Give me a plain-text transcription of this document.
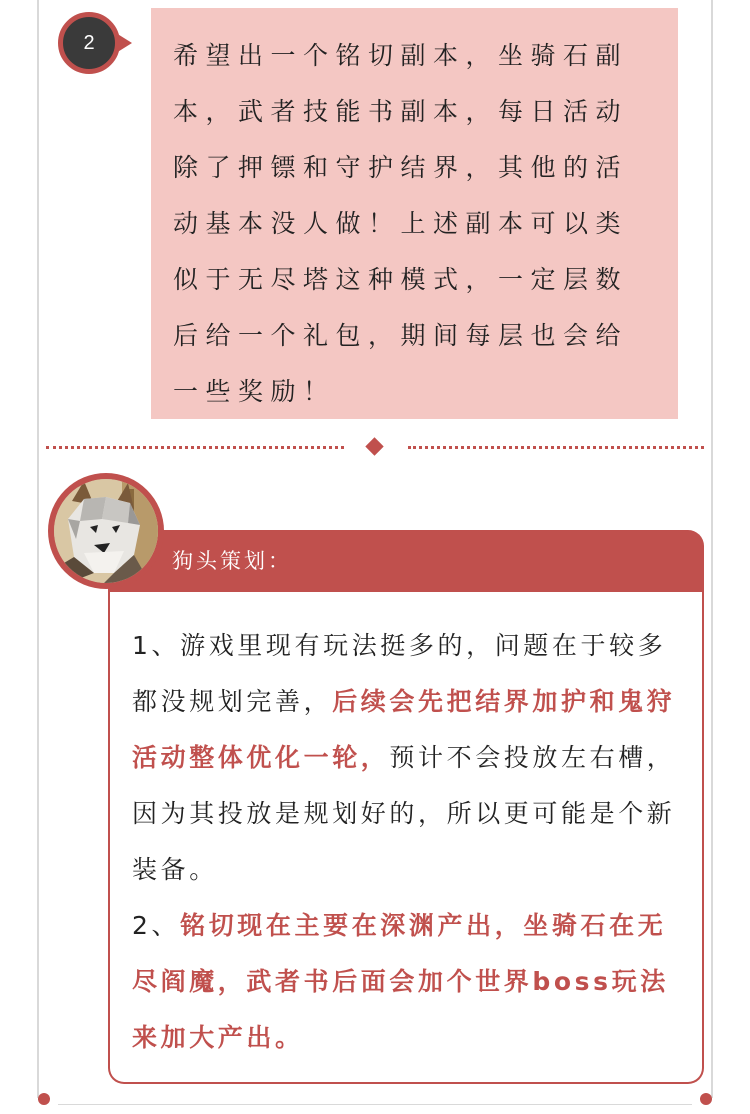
2	希望出一个铭切副本，坐骑石副本，武者技能书副本，每日活动除了押镖和守护结界，其他的活动基本没人做！上述副本可以类似于无尽塔这种模式，一定层数后给一个礼包，期间每层也会给一些奖励！

狗头策划：

1、游戏里现有玩法挺多的，问题在于较多都没规划完善，后续会先把结界加护和鬼狩活动整体优化一轮，预计不会投放左右槽，因为其投放是规划好的，所以更可能是个新装备。

2、铭切现在主要在深渊产出，坐骑石在无尽阎魔，武者书后面会加个世界boss玩法来加大产出。
